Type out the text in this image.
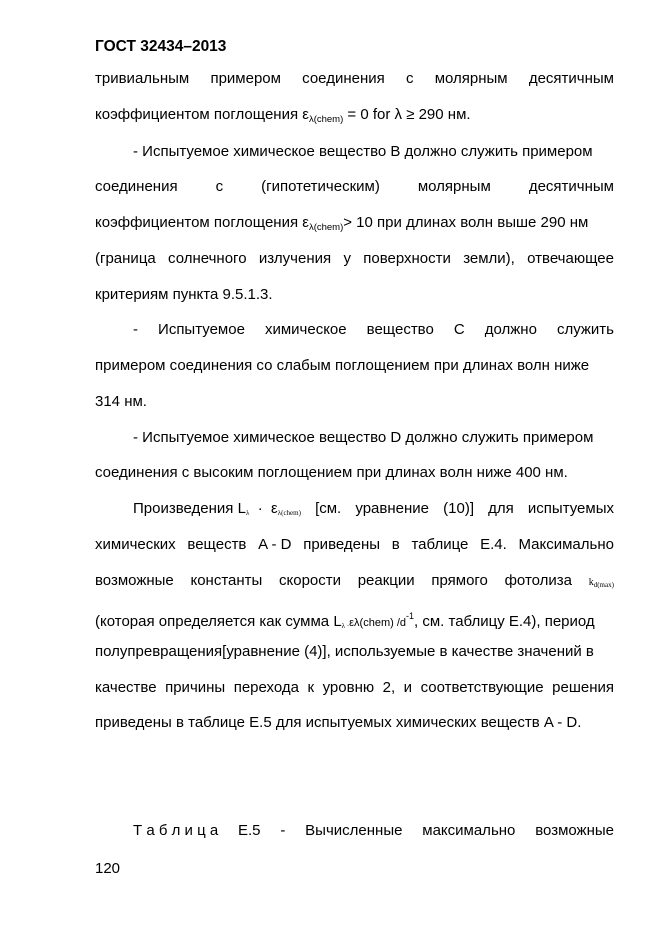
ГОСТ 32434–2013
тривиальным примером соединения с молярным десятичным
коэффициентом поглощения $\varepsilon_{\lambda(chem)} = 0$ for λ ≥ 290 нм.
- Испытуемое химическое вещество B должно служить примером
соединения	с	(гипотетическим)	молярным	десятичным
коэффициентом поглощения $\varepsilon_{\lambda(chem)}> 10$ при длинах волн выше 290 нм
(граница солнечного излучения у поверхности земли), отвечающее
критериям пункта 9.5.1.3.
- Испытуемое химическое вещество C должно служить
примером соединения со слабым поглощением при длинах волн ниже
314 нм.
- Испытуемое химическое вещество D должно служить примером
соединения с высоким поглощением при длинах волн ниже 400 нм.
Произведения Lλ · ελ(chem) [см. уравнение (10)] для испытуемых
химических веществ A - D приведены в таблице Е.4. Максимально
возможные константы скорости реакции прямого фотолиза kd(max)
(которая определяется как сумма Lλ ·ελ(chem) $/d^{-1}$, см. таблицу Е.4), период
полупревращения[уравнение (4)], используемые в качестве значений в
качестве причины перехода к уровню 2, и соответствующие решения
приведены в таблице Е.5 для испытуемых химических веществ A - D.
Т а б л и ц а Е.5 - Вычисленные максимально возможные
120
